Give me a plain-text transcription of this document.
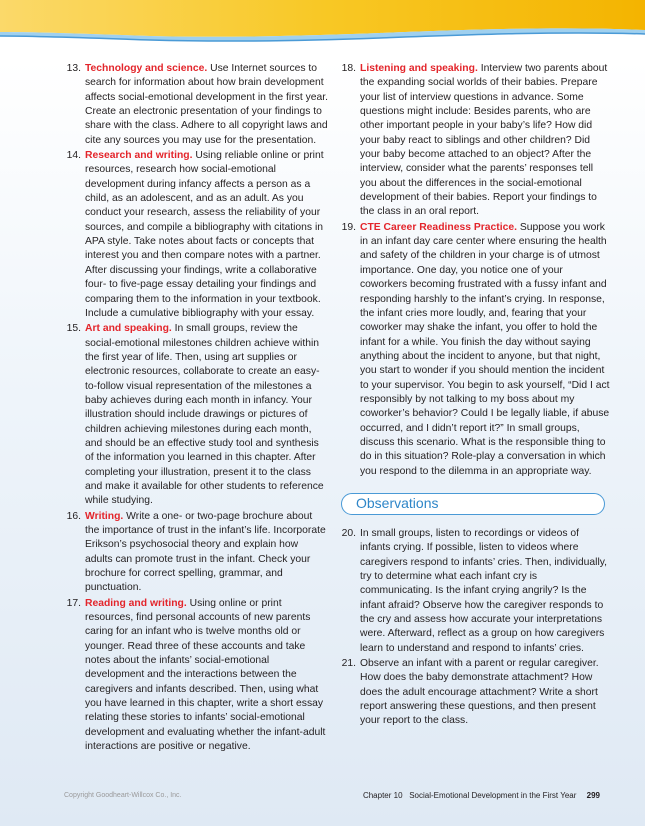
13. Technology and science. Use Internet sources to search for information about how brain development affects social-emotional development in the first year. Create an electronic presentation of your findings to share with the class. Adhere to all copyright laws and cite any sources you may use for the presentation.
14. Research and writing. Using reliable online or print resources, research how social-emotional development during infancy affects a person as a child, as an adolescent, and as an adult. As you conduct your research, assess the reliability of your sources, and compile a bibliography with citations in APA style. Take notes about facts or concepts that interest you and then compare notes with a partner. After discussing your findings, write a collaborative four- to five-page essay detailing your findings and comparing them to the information in your textbook. Include a cumulative bibliography with your essay.
15. Art and speaking. In small groups, review the social-emotional milestones children achieve within the first year of life. Then, using art supplies or electronic resources, collaborate to create an easy-to-follow visual representation of the milestones a baby achieves during each month in infancy. Your illustration should include drawings or pictures of children achieving milestones during each month, and should be an effective study tool and synthesis of the information you learned in this chapter. After completing your illustration, present it to the class and make it available for other students to reference while studying.
16. Writing. Write a one- or two-page brochure about the importance of trust in the infant’s life. Incorporate Erikson’s psychosocial theory and explain how adults can promote trust in the infant. Check your brochure for correct spelling, grammar, and punctuation.
17. Reading and writing. Using online or print resources, find personal accounts of new parents caring for an infant who is twelve months old or younger. Read three of these accounts and take notes about the infants’ social-emotional development and the interactions between the caregivers and infants described. Then, using what you have learned in this chapter, write a short essay relating these stories to infants’ social-emotional development and evaluating whether the infant-adult interactions are positive or negative.
18. Listening and speaking. Interview two parents about the expanding social worlds of their babies. Prepare your list of interview questions in advance. Some questions might include: Besides parents, who are other important people in your baby’s life? How did your baby react to siblings and other children? Did your baby become attached to an object? After the interview, consider what the parents’ responses tell you about the differences in the social-emotional development of their babies. Report your findings to the class in an oral report.
19. CTE Career Readiness Practice. Suppose you work in an infant day care center where ensuring the health and safety of the children in your charge is of utmost importance. One day, you notice one of your coworkers becoming frustrated with a fussy infant and responding harshly to the infant’s crying. In response, the infant cries more loudly, and, fearing that your coworker may shake the infant, you offer to hold the infant for a while. You finish the day without saying anything about the incident to anyone, but that night, you start to wonder if you should mention the incident to your supervisor. You begin to ask yourself, “Did I act responsibly by not talking to my boss about my coworker’s behavior? Could I be legally liable, if abuse occurred, and I didn’t report it?” In small groups, discuss this scenario. What is the responsible thing to do in this situation? Role-play a conversation in which you respond to the dilemma in an appropriate way.
Observations
20. In small groups, listen to recordings or videos of infants crying. If possible, listen to videos where caregivers respond to infants’ cries. Then, individually, try to determine what each infant cry is communicating. Is the infant crying angrily? Is the infant afraid? Observe how the caregiver responds to the cry and assess how accurate your interpretations were. Afterward, reflect as a group on how caregivers learn to understand and respond to infants’ cries.
21. Observe an infant with a parent or regular caregiver. How does the baby demonstrate attachment? How does the adult encourage attachment? Write a short report answering these questions, and then present your report to the class.
Copyright Goodheart-Willcox Co., Inc.	Chapter 10 Social-Emotional Development in the First Year 299
